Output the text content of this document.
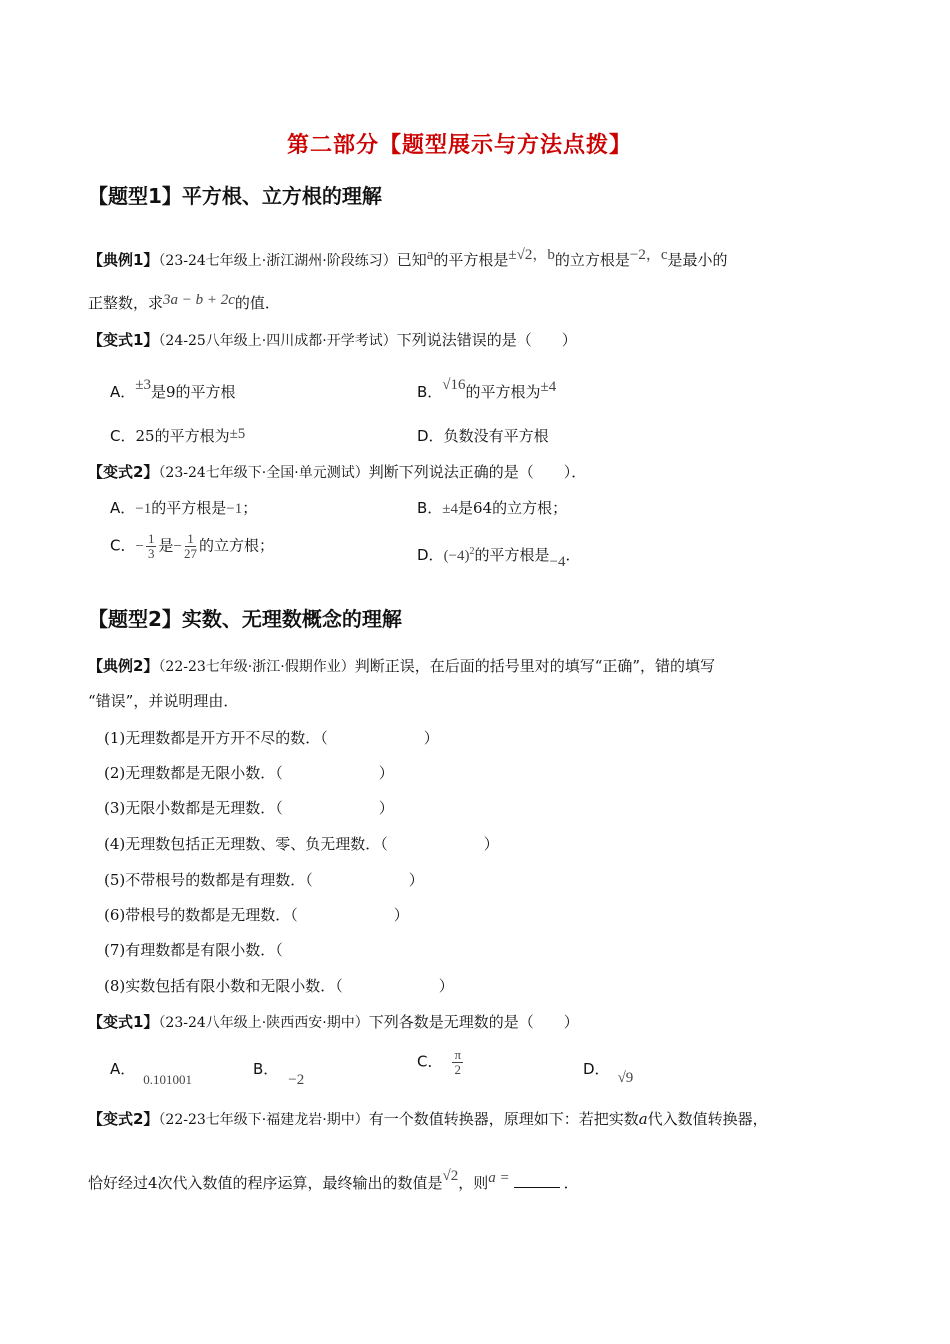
第二部分【题型展示与方法点拨】
【题型1】平方根、立方根的理解
【典例1】（23-24七年级上·浙江湖州·阶段练习）已知a的平方根是±√2，b的立方根是−2，c是最小的
正整数，求3a − b + 2c的值．
【变式1】（24-25八年级上·四川成都·开学考试）下列说法错误的是（　　）
A．±3是9的平方根	B．√16的平方根为±4
C．25的平方根为±5	D．负数没有平方根
【变式2】（23-24七年级下·全国·单元测试）判断下列说法正确的是（　　）．
A．−1的平方根是−1；	B．±4是64的立方根；
C．− $\frac{1}{3}$ 是− $\frac{1}{27}$ 的立方根；
D．$(-4)^2$的平方根是−4．
【题型2】实数、无理数概念的理解
【典例2】（22-23七年级·浙江·假期作业）判断正误，在后面的括号里对的填写“正确”，错的填写
“错误”，并说明理由．
(1)无理数都是开方开不尽的数．（	）
(2)无理数都是无限小数．（	）
(3)无限小数都是无理数．（	）
(4)无理数包括正无理数、零、负无理数．（	）
(5)不带根号的数都是有理数．（	）
(6)带根号的数都是无理数．（	）
(7)有理数都是有限小数．（
(8)实数包括有限小数和无限小数．（	）
【变式1】（23-24八年级上·陕西西安·期中）下列各数是无理数的是（　　）
A．0.101001
B．−2
C． $\frac{\pi}{2}$	D． √9
【变式2】（22-23七年级下·福建龙岩·期中）有一个数值转换器，原理如下：若把实数a代入数值转换器，
恰好经过4次代入数值的程序运算，最终输出的数值是√2，则a =	．
